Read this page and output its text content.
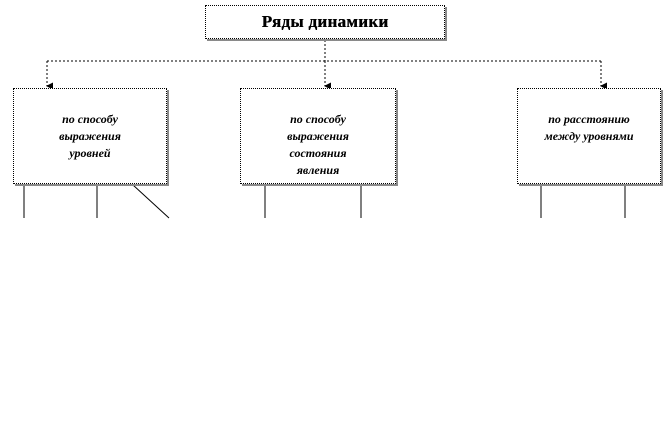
Ряды динамики

по способу
выражения
уровней

по способу
выражения
состояния
явления

по расстоянию
между уровнями
